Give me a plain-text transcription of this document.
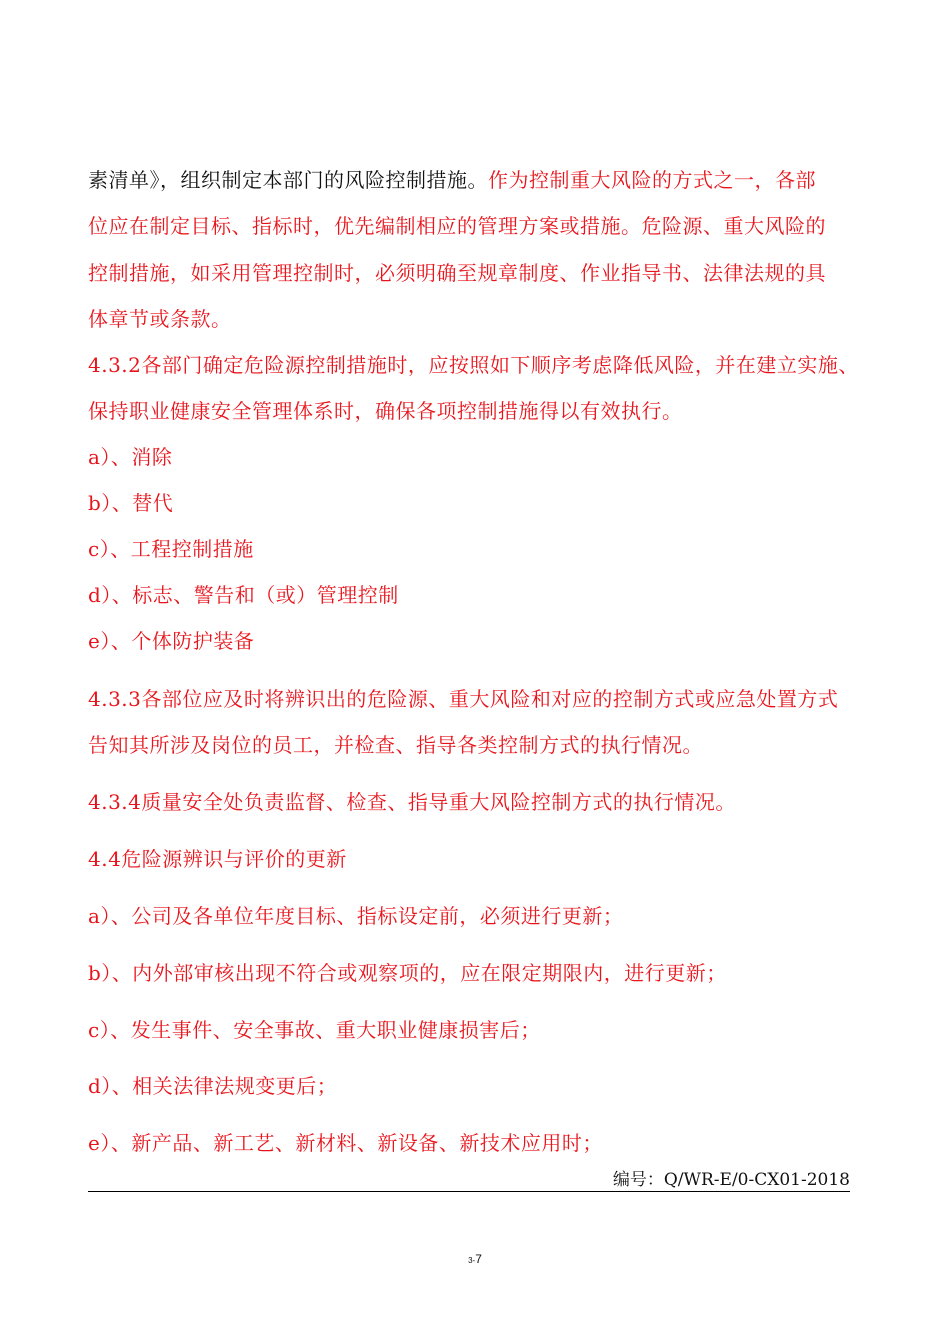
素清单》，组织制定本部门的风险控制措施。作为控制重大风险的方式之一，各部
位应在制定目标、指标时，优先编制相应的管理方案或措施。危险源、重大风险的
控制措施，如采用管理控制时，必须明确至规章制度、作业指导书、法律法规的具
体章节或条款。
4.3.2各部门确定危险源控制措施时，应按照如下顺序考虑降低风险，并在建立实施、
保持职业健康安全管理体系时，确保各项控制措施得以有效执行。
a）、消除
b）、替代
c）、工程控制措施
d）、标志、警告和（或）管理控制
e）、个体防护装备
4.3.3各部位应及时将辨识出的危险源、重大风险和对应的控制方式或应急处置方式
告知其所涉及岗位的员工，并检查、指导各类控制方式的执行情况。
4.3.4质量安全处负责监督、检查、指导重大风险控制方式的执行情况。
4.4危险源辨识与评价的更新
a）、公司及各单位年度目标、指标设定前，必须进行更新；
b）、内外部审核出现不符合或观察项的，应在限定期限内，进行更新；
c）、发生事件、安全事故、重大职业健康损害后；
d）、相关法律法规变更后；
e）、新产品、新工艺、新材料、新设备、新技术应用时；
编号：Q/WR-E/0-CX01-2018
3-7
